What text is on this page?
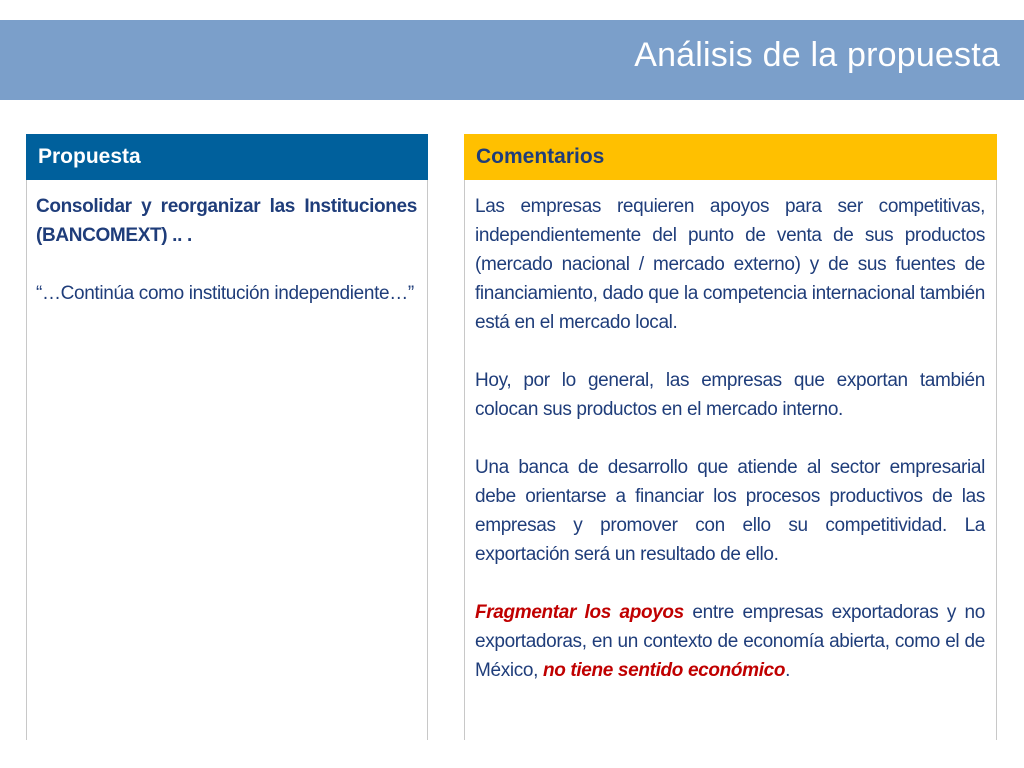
Análisis de la propuesta
Propuesta	Comentarios

Consolidar y reorganizar las Instituciones (BANCOMEXT) .. .

“…Continúa como institución independiente…”

Las empresas requieren apoyos para ser competitivas, independientemente del punto de venta de sus productos (mercado nacional / mercado externo) y de sus fuentes de financiamiento, dado que la competencia internacional también está en el mercado local.

Hoy, por lo general, las empresas que exportan también colocan sus productos en el mercado interno.

Una banca de desarrollo que atiende al sector empresarial debe orientarse a financiar los procesos productivos de las empresas y promover con ello su competitividad. La exportación será un resultado de ello.

Fragmentar los apoyos entre empresas exportadoras y no exportadoras, en un contexto de economía abierta, como el de México, no tiene sentido económico.
